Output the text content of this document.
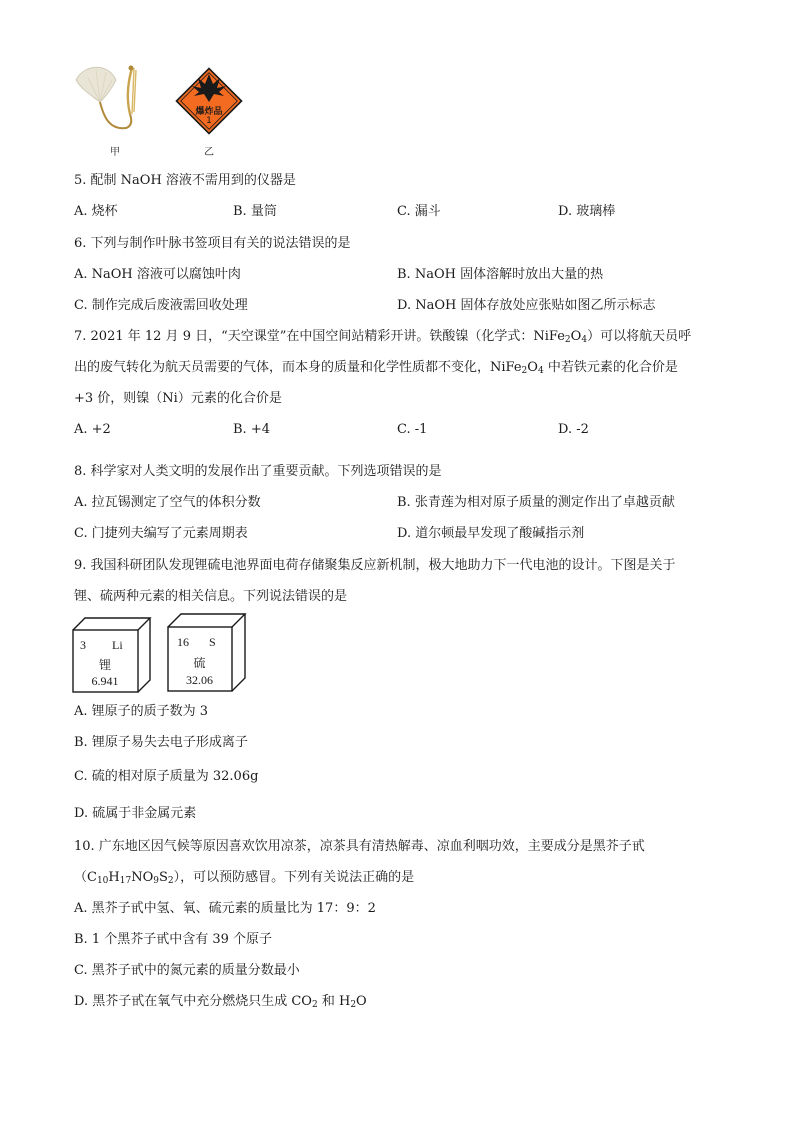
甲
爆炸品
1
乙
5. 配制 NaOH 溶液不需用到的仪器是
A. 烧杯	B. 量筒	C. 漏斗	D. 玻璃棒
6. 下列与制作叶脉书签项目有关的说法错误的是
A. NaOH 溶液可以腐蚀叶肉	B. NaOH 固体溶解时放出大量的热
C. 制作完成后废液需回收处理	D. NaOH 固体存放处应张贴如图乙所示标志
7. 2021 年 12 月 9 日，“天空课堂”在中国空间站精彩开讲。铁酸镍（化学式：$NiFe_2O_4$）可以将航天员呼
出的废气转化为航天员需要的气体，而本身的质量和化学性质都不变化，$NiFe_2O_4$ 中若铁元素的化合价是
+3 价，则镍（Ni）元素的化合价是
A. +2	B. +4	C. -1	D. -2
8. 科学家对人类文明的发展作出了重要贡献。下列选项错误的是
A. 拉瓦锡测定了空气的体积分数	B. 张青莲为相对原子质量的测定作出了卓越贡献
C. 门捷列夫编写了元素周期表	D. 道尔顿最早发现了酸碱指示剂
9. 我国科研团队发现锂硫电池界面电荷存储聚集反应新机制，极大地助力下一代电池的设计。下图是关于
锂、硫两种元素的相关信息。下列说法错误的是
3 Li
锂
6.941
16 S
硫
32.06
A. 锂原子的质子数为 3
B. 锂原子易失去电子形成离子
C. 硫的相对原子质量为 32.06g
D. 硫属于非金属元素
10. 广东地区因气候等原因喜欢饮用凉茶，凉茶具有清热解毒、凉血利咽功效，主要成分是黑芥子甙
$(C_{10}H_{17}NO_9S_2)$，可以预防感冒。下列有关说法正确的是
A. 黑芥子甙中氢、氧、硫元素的质量比为 17：9：2
B. 1 个黑芥子甙中含有 39 个原子
C. 黑芥子甙中的氮元素的质量分数最小
D. 黑芥子甙在氧气中充分燃烧只生成 $CO_2$ 和 $H_2O$
